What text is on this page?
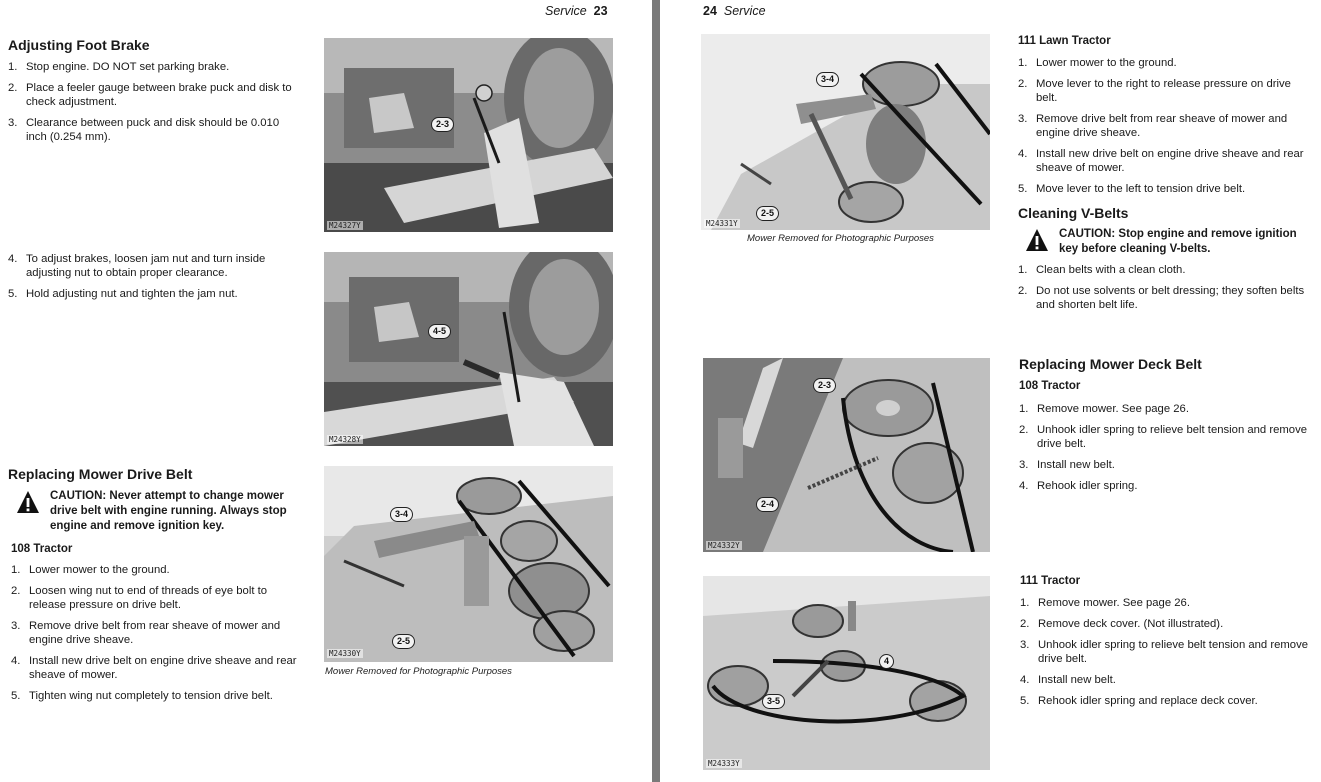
Service 23
Adjusting Foot Brake
1. Stop engine. DO NOT set parking brake.
2. Place a feeler gauge between brake puck and disk to check adjustment.
3. Clearance between puck and disk should be 0.010 inch (0.254 mm).
2-3
M24327Y
4. To adjust brakes, loosen jam nut and turn inside adjusting nut to obtain proper clearance.
5. Hold adjusting nut and tighten the jam nut.
4-5
M24328Y
Replacing Mower Drive Belt
CAUTION: Never attempt to change mower drive belt with engine running. Always stop engine and remove ignition key.
108 Tractor
1. Lower mower to the ground.
2. Loosen wing nut to end of threads of eye bolt to release pressure on drive belt.
3. Remove drive belt from rear sheave of mower and engine drive sheave.
4. Install new drive belt on engine drive sheave and rear sheave of mower.
5. Tighten wing nut completely to tension drive belt.
3-4
2-5
M24330Y
Mower Removed for Photographic Purposes
24 Service
3-4
2-5
M24331Y
Mower Removed for Photographic Purposes
111 Lawn Tractor
1. Lower mower to the ground.
2. Move lever to the right to release pressure on drive belt.
3. Remove drive belt from rear sheave of mower and engine drive sheave.
4. Install new drive belt on engine drive sheave and rear sheave of mower.
5. Move lever to the left to tension drive belt.
Cleaning V-Belts
CAUTION: Stop engine and remove ignition key before cleaning V-belts.
1. Clean belts with a clean cloth.
2. Do not use solvents or belt dressing; they soften belts and shorten belt life.
2-3
2-4
M24332Y
Replacing Mower Deck Belt
108 Tractor
1. Remove mower. See page 26.
2. Unhook idler spring to relieve belt tension and remove drive belt.
3. Install new belt.
4. Rehook idler spring.
4
3-5
M24333Y
111 Tractor
1. Remove mower. See page 26.
2. Remove deck cover. (Not illustrated).
3. Unhook idler spring to relieve belt tension and remove drive belt.
4. Install new belt.
5. Rehook idler spring and replace deck cover.
